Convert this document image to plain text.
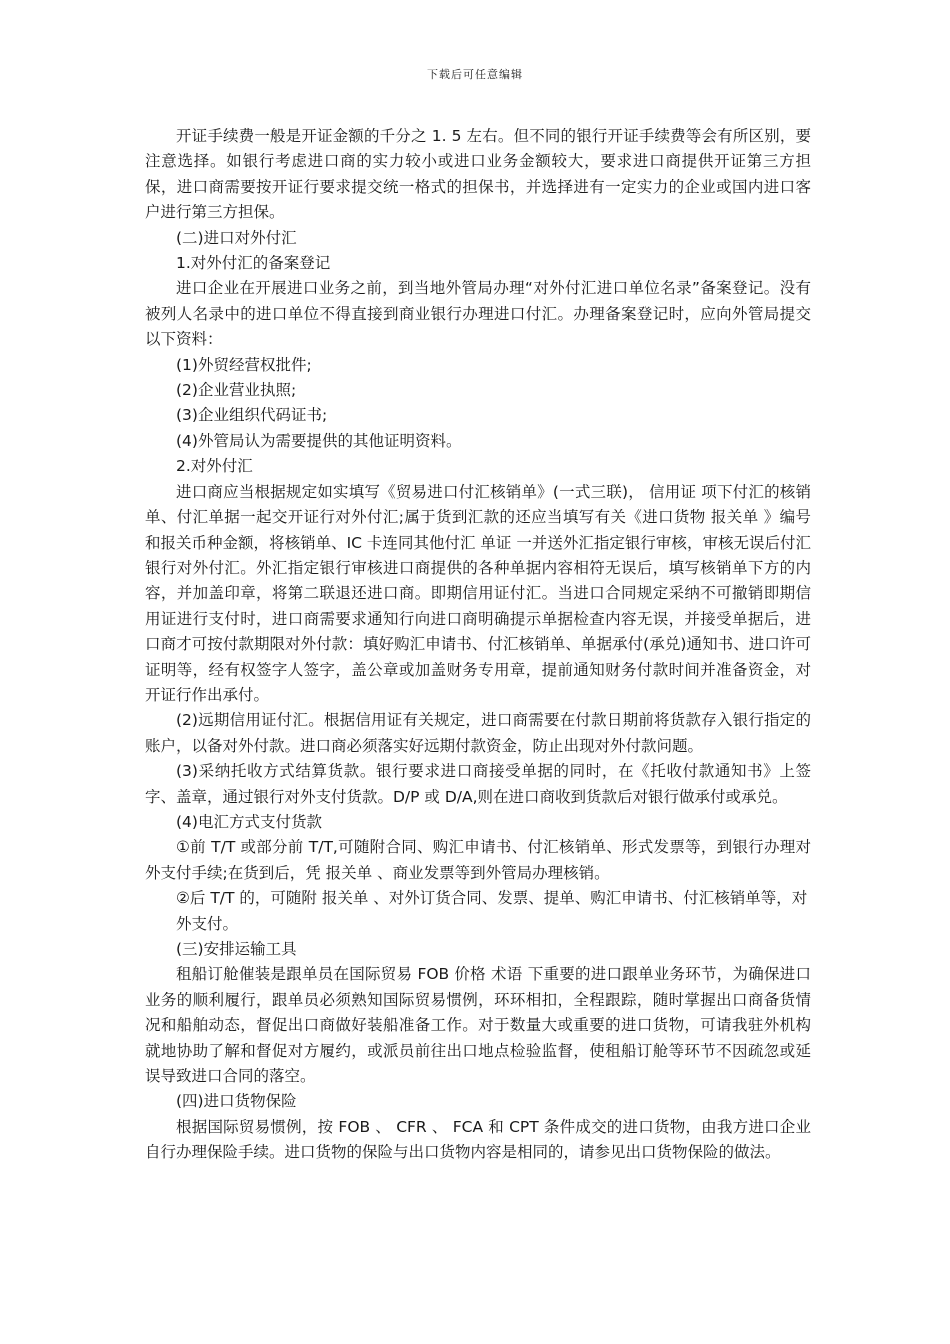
下载后可任意编辑

开证手续费一般是开证金额的千分之 1. 5 左右。但不同的银行开证手续费等会有所区别，要注意选择。如银行考虑进口商的实力较小或进口业务金额较大，要求进口商提供开证第三方担保，进口商需要按开证行要求提交统一格式的担保书，并选择进有一定实力的企业或国内进口客户进行第三方担保。

(二)进口对外付汇

1.对外付汇的备案登记

进口企业在开展进口业务之前，到当地外管局办理“对外付汇进口单位名录”备案登记。没有被列人名录中的进口单位不得直接到商业银行办理进口付汇。办理备案登记时，应向外管局提交以下资料：

(1)外贸经营权批件;

(2)企业营业执照;

(3)企业组织代码证书;

(4)外管局认为需要提供的其他证明资料。

2.对外付汇

进口商应当根据规定如实填写《贸易进口付汇核销单》(一式三联)， 信用证 项下付汇的核销单、付汇单据一起交开证行对外付汇;属于货到汇款的还应当填写有关《进口货物 报关单 》编号和报关币种金额，将核销单、IC 卡连同其他付汇 单证 一并送外汇指定银行审核，审核无误后付汇银行对外付汇。外汇指定银行审核进口商提供的各种单据内容相符无误后，填写核销单下方的内容，并加盖印章，将第二联退还进口商。即期信用证付汇。当进口合同规定采纳不可撤销即期信用证进行支付时，进口商需要求通知行向进口商明确提示单据检查内容无误，并接受单据后，进口商才可按付款期限对外付款：填好购汇申请书、付汇核销单、单据承付(承兑)通知书、进口许可证明等，经有权签字人签字，盖公章或加盖财务专用章，提前通知财务付款时间并准备资金，对开证行作出承付。

(2)远期信用证付汇。根据信用证有关规定，进口商需要在付款日期前将货款存入银行指定的 账户，以备对外付款。进口商必须落实好远期付款资金，防止出现对外付款问题。

(3)采纳托收方式结算货款。银行要求进口商接受单据的同时，在《托收付款通知书》上签 字、盖章，通过银行对外支付货款。D/P 或 D/A,则在进口商收到货款后对银行做承付或承兑。

(4)电汇方式支付货款

①前 T/T 或部分前 T/T,可随附合同、购汇申请书、付汇核销单、形式发票等，到银行办理对外支付手续;在货到后，凭 报关单 、商业发票等到外管局办理核销。

②后 T/T 的，可随附 报关单 、对外订货合同、发票、提单、购汇申请书、付汇核销单等，对

外支付。

(三)安排运输工具

租船订舱催装是跟单员在国际贸易 FOB 价格 术语 下重要的进口跟单业务环节，为确保进口业务的顺利履行，跟单员必须熟知国际贸易惯例，环环相扣，全程跟踪，随时掌握出口商备货情况和船舶动态，督促出口商做好装船准备工作。对于数量大或重要的进口货物，可请我驻外机构就地协助了解和督促对方履约，或派员前往出口地点检验监督，使租船订舱等环节不因疏忽或延误导致进口合同的落空。

(四)进口货物保险

根据国际贸易惯例，按 FOB 、 CFR 、 FCA 和 CPT 条件成交的进口货物，由我方进口企业自行办理保险手续。进口货物的保险与出口货物内容是相同的，请参见出口货物保险的做法。
